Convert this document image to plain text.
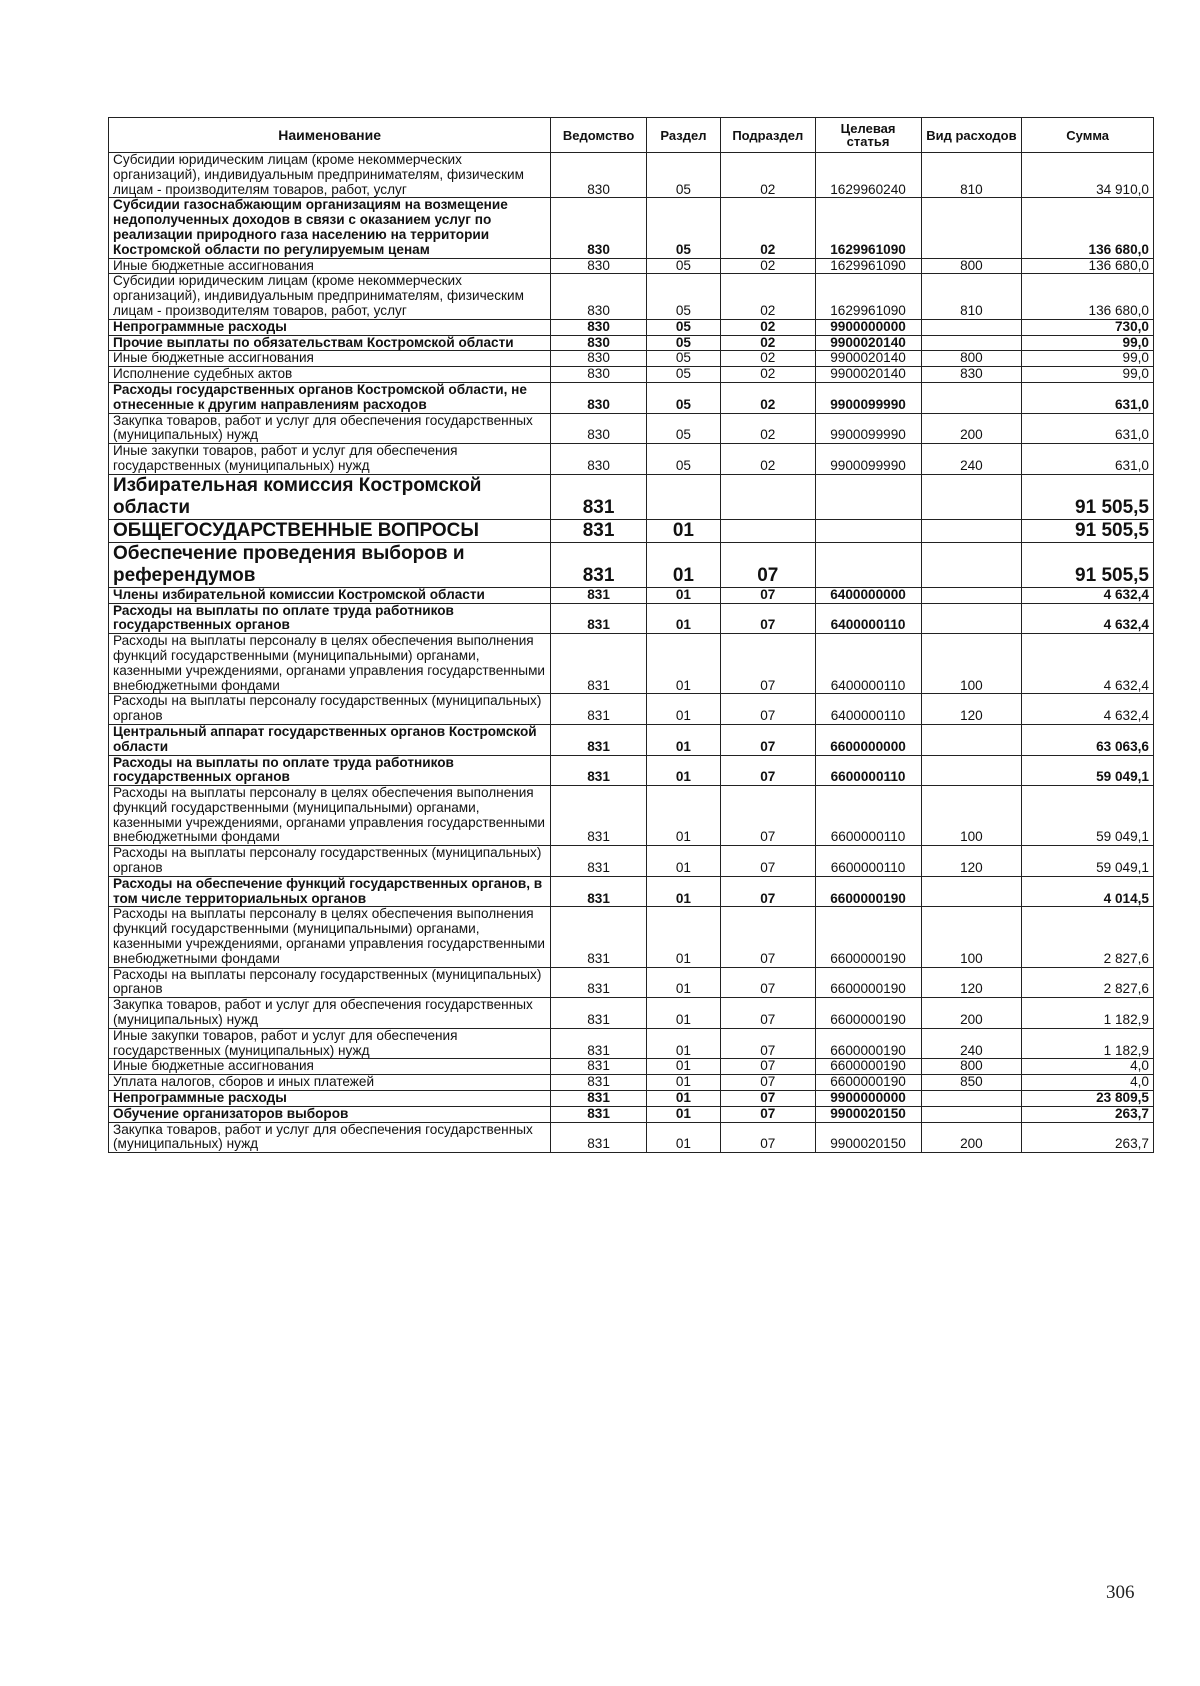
Наименование	Ведомство	Раздел	Подраздел	Целевая статья	Вид расходов	Сумма
Субсидии юридическим лицам (кроме некоммерческих организаций), индивидуальным предпринимателям, физическим лицам - производителям товаров, работ, услуг	830	05	02	1629960240	810	34 910,0
Субсидии газоснабжающим организациям на возмещение недополученных доходов в связи с оказанием услуг по реализации природного газа населению на территории Костромской области по регулируемым ценам	830	05	02	1629961090		136 680,0
Иные бюджетные ассигнования	830	05	02	1629961090	800	136 680,0
Субсидии юридическим лицам (кроме некоммерческих организаций), индивидуальным предпринимателям, физическим лицам - производителям товаров, работ, услуг	830	05	02	1629961090	810	136 680,0
Непрограммные расходы	830	05	02	9900000000		730,0
Прочие выплаты по обязательствам Костромской области	830	05	02	9900020140		99,0
Иные бюджетные ассигнования	830	05	02	9900020140	800	99,0
Исполнение судебных актов	830	05	02	9900020140	830	99,0
Расходы государственных органов Костромской области, не отнесенные к другим направлениям расходов	830	05	02	9900099990		631,0
Закупка товаров, работ и услуг для обеспечения государственных (муниципальных) нужд	830	05	02	9900099990	200	631,0
Иные закупки товаров, работ и услуг для обеспечения государственных (муниципальных) нужд	830	05	02	9900099990	240	631,0
Избирательная комиссия Костромской области	831					91 505,5
ОБЩЕГОСУДАРСТВЕННЫЕ ВОПРОСЫ	831	01				91 505,5
Обеспечение проведения выборов и референдумов	831	01	07			91 505,5
Члены избирательной комиссии Костромской области	831	01	07	6400000000		4 632,4
Расходы на выплаты по оплате труда работников государственных органов	831	01	07	6400000110		4 632,4
Расходы на выплаты персоналу в целях обеспечения выполнения функций государственными (муниципальными) органами, казенными учреждениями, органами управления государственными внебюджетными фондами	831	01	07	6400000110	100	4 632,4
Расходы на выплаты персоналу государственных (муниципальных) органов	831	01	07	6400000110	120	4 632,4
Центральный аппарат государственных органов Костромской области	831	01	07	6600000000		63 063,6
Расходы на выплаты по оплате труда работников государственных органов	831	01	07	6600000110		59 049,1
Расходы на выплаты персоналу в целях обеспечения выполнения функций государственными (муниципальными) органами, казенными учреждениями, органами управления государственными внебюджетными фондами	831	01	07	6600000110	100	59 049,1
Расходы на выплаты персоналу государственных (муниципальных) органов	831	01	07	6600000110	120	59 049,1
Расходы на обеспечение функций государственных органов, в том числе территориальных органов	831	01	07	6600000190		4 014,5
Расходы на выплаты персоналу в целях обеспечения выполнения функций государственными (муниципальными) органами, казенными учреждениями, органами управления государственными внебюджетными фондами	831	01	07	6600000190	100	2 827,6
Расходы на выплаты персоналу государственных (муниципальных) органов	831	01	07	6600000190	120	2 827,6
Закупка товаров, работ и услуг для обеспечения государственных (муниципальных) нужд	831	01	07	6600000190	200	1 182,9
Иные закупки товаров, работ и услуг для обеспечения государственных (муниципальных) нужд	831	01	07	6600000190	240	1 182,9
Иные бюджетные ассигнования	831	01	07	6600000190	800	4,0
Уплата налогов, сборов и иных платежей	831	01	07	6600000190	850	4,0
Непрограммные расходы	831	01	07	9900000000		23 809,5
Обучение организаторов выборов	831	01	07	9900020150		263,7
Закупка товаров, работ и услуг для обеспечения государственных (муниципальных) нужд	831	01	07	9900020150	200	263,7
306
